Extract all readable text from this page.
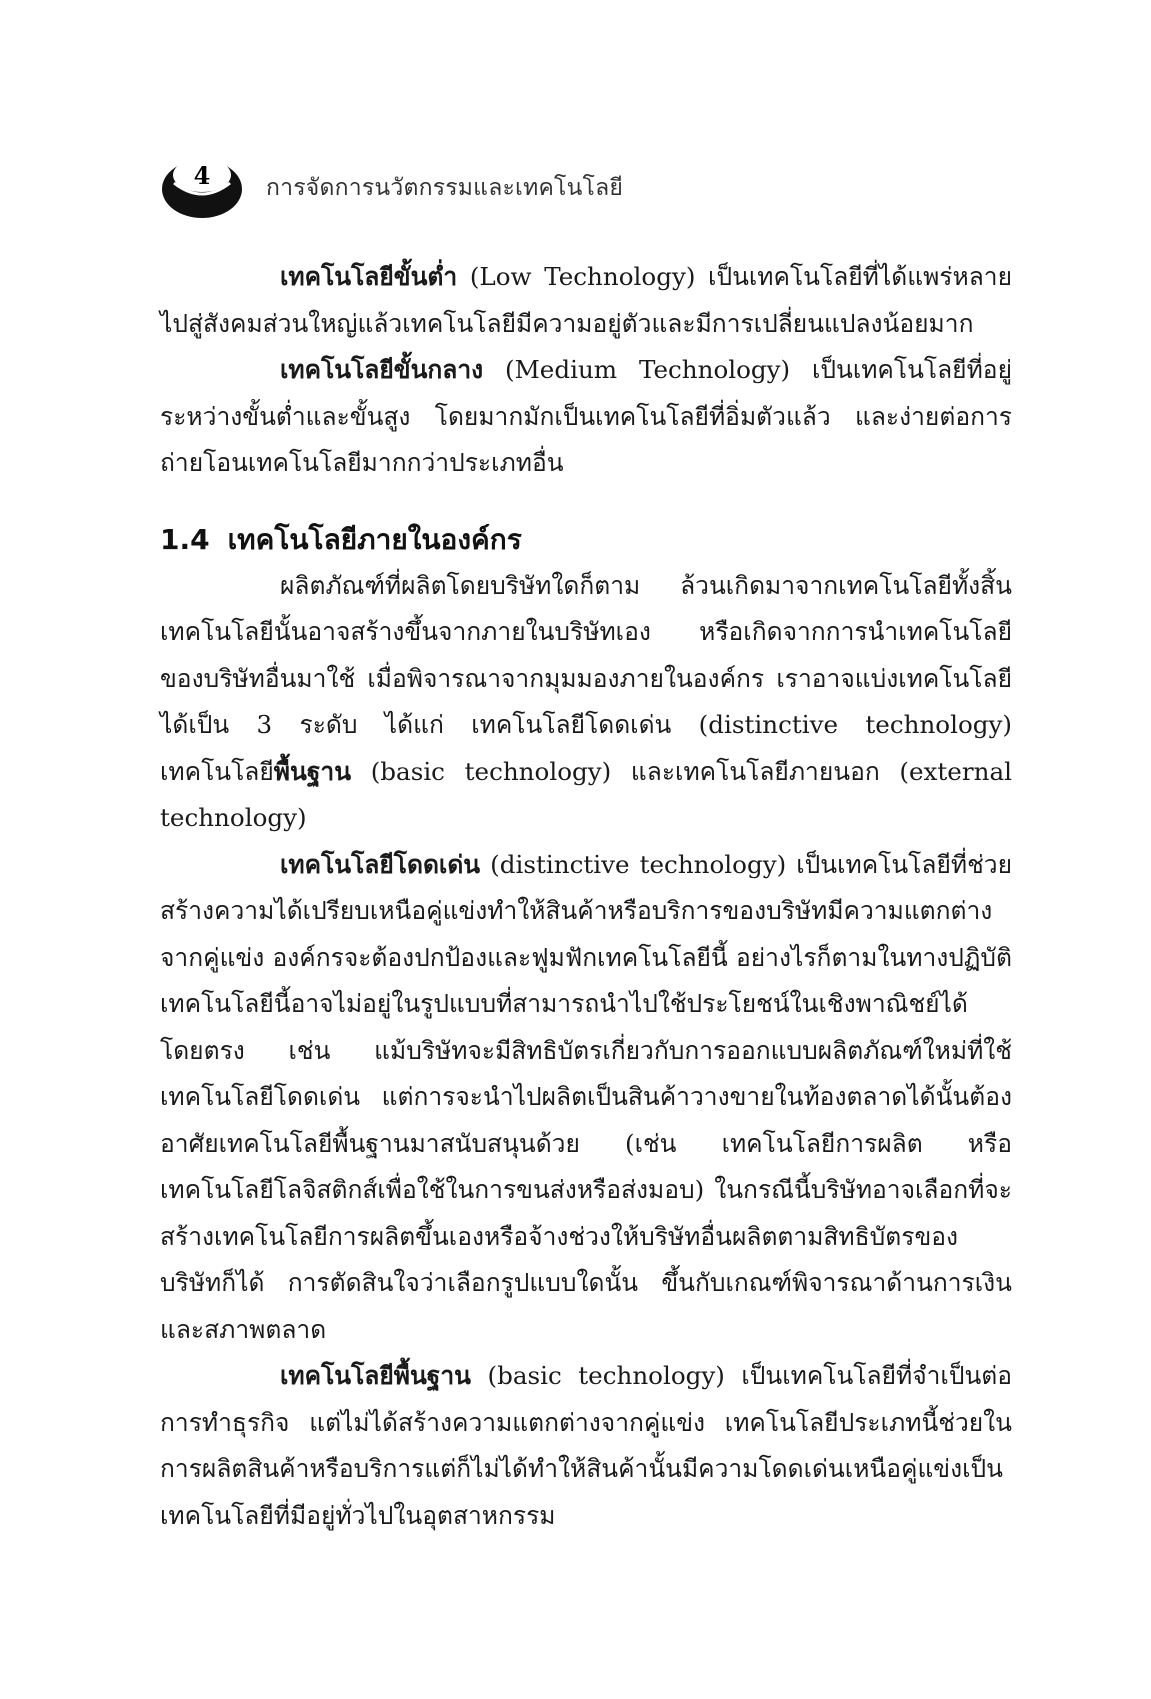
4	การจัดการนวัตกรรมและเทคโนโลยี

เทคโนโลยีขั้นต่ำ (Low Technology) เป็นเทคโนโลยีที่ได้แพร่หลายไปสู่สังคมส่วนใหญ่แล้วเทคโนโลยีมีความอยู่ตัวและมีการเปลี่ยนแปลงน้อยมาก

เทคโนโลยีขั้นกลาง (Medium Technology) เป็นเทคโนโลยีที่อยู่ระหว่างขั้นต่ำและขั้นสูง โดยมากมักเป็นเทคโนโลยีที่อิ่มตัวแล้ว และง่ายต่อการถ่ายโอนเทคโนโลยีมากกว่าประเภทอื่น

1.4 เทคโนโลยีภายในองค์กร

ผลิตภัณฑ์ที่ผลิตโดยบริษัทใดก็ตาม ล้วนเกิดมาจากเทคโนโลยีทั้งสิ้น เทคโนโลยีนั้นอาจสร้างขึ้นจากภายในบริษัทเอง หรือเกิดจากการนำเทคโนโลยีของบริษัทอื่นมาใช้ เมื่อพิจารณาจากมุมมองภายในองค์กร เราอาจแบ่งเทคโนโลยีได้เป็น 3 ระดับ ได้แก่ เทคโนโลยีโดดเด่น (distinctive technology) เทคโนโลยีพื้นฐาน (basic technology) และเทคโนโลยีภายนอก (external technology)

เทคโนโลยีโดดเด่น (distinctive technology) เป็นเทคโนโลยีที่ช่วยสร้างความได้เปรียบเหนือคู่แข่งทำให้สินค้าหรือบริการของบริษัทมีความแตกต่างจากคู่แข่ง องค์กรจะต้องปกป้องและฟูมฟักเทคโนโลยีนี้ อย่างไรก็ตามในทางปฏิบัติเทคโนโลยีนี้อาจไม่อยู่ในรูปแบบที่สามารถนำไปใช้ประโยชน์ในเชิงพาณิชย์ได้โดยตรง เช่น แม้บริษัทจะมีสิทธิบัตรเกี่ยวกับการออกแบบผลิตภัณฑ์ใหม่ที่ใช้เทคโนโลยีโดดเด่น แต่การจะนำไปผลิตเป็นสินค้าวางขายในท้องตลาดได้นั้นต้องอาศัยเทคโนโลยีพื้นฐานมาสนับสนุนด้วย (เช่น เทคโนโลยีการผลิต หรือเทคโนโลยีโลจิสติกส์เพื่อใช้ในการขนส่งหรือส่งมอบ) ในกรณีนี้บริษัทอาจเลือกที่จะสร้างเทคโนโลยีการผลิตขึ้นเองหรือจ้างช่วงให้บริษัทอื่นผลิตตามสิทธิบัตรของบริษัทก็ได้ การตัดสินใจว่าเลือกรูปแบบใดนั้น ขึ้นกับเกณฑ์พิจารณาด้านการเงินและสภาพตลาด

เทคโนโลยีพื้นฐาน (basic technology) เป็นเทคโนโลยีที่จำเป็นต่อการทำธุรกิจ แต่ไม่ได้สร้างความแตกต่างจากคู่แข่ง เทคโนโลยีประเภทนี้ช่วยในการผลิตสินค้าหรือบริการแต่ก็ไม่ได้ทำให้สินค้านั้นมีความโดดเด่นเหนือคู่แข่งเป็นเทคโนโลยีที่มีอยู่ทั่วไปในอุตสาหกรรม
